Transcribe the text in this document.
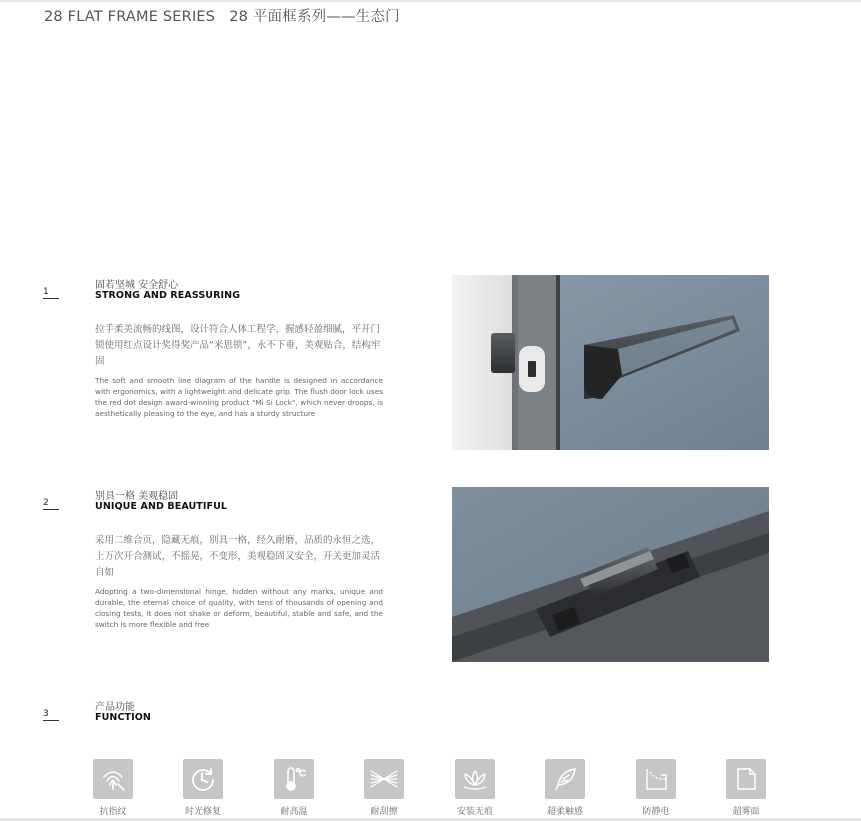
28 FLAT FRAME SERIES 28 平面框系列——生态门
1
固若坚城 安全舒心
STRONG AND REASSURING
拉手柔美流畅的线图，设计符合人体工程学，握感轻盈细腻，平开门锁使用红点设计奖得奖产品“米思锁”，永不下垂，美观贴合，结构牢固
The soft and smooth line diagram of the handle is designed in accordance with ergonomics, with a lightweight and delicate grip. The flush door lock uses the red dot design award-winning product "Mi Si Lock", which never droops, is aesthetically pleasing to the eye, and has a sturdy structure
2
别具一格 美观稳固
UNIQUE AND BEAUTIFUL
采用二维合页，隐藏无痕，别具一格，经久耐磨，品质的永恒之选，上万次开合测试，不摇晃，不变形，美观稳固又安全，开关更加灵活自如
Adopting a two-dimensional hinge, hidden without any marks, unique and durable, the eternal choice of quality, with tens of thousands of opening and closing tests, it does not shake or deform, beautiful, stable and safe, and the switch is more flexible and free
3
产品功能
FUNCTION
抗指纹	时光修复	耐高温	耐刮擦	安装无痕	超柔触感	防静电	超雾面
